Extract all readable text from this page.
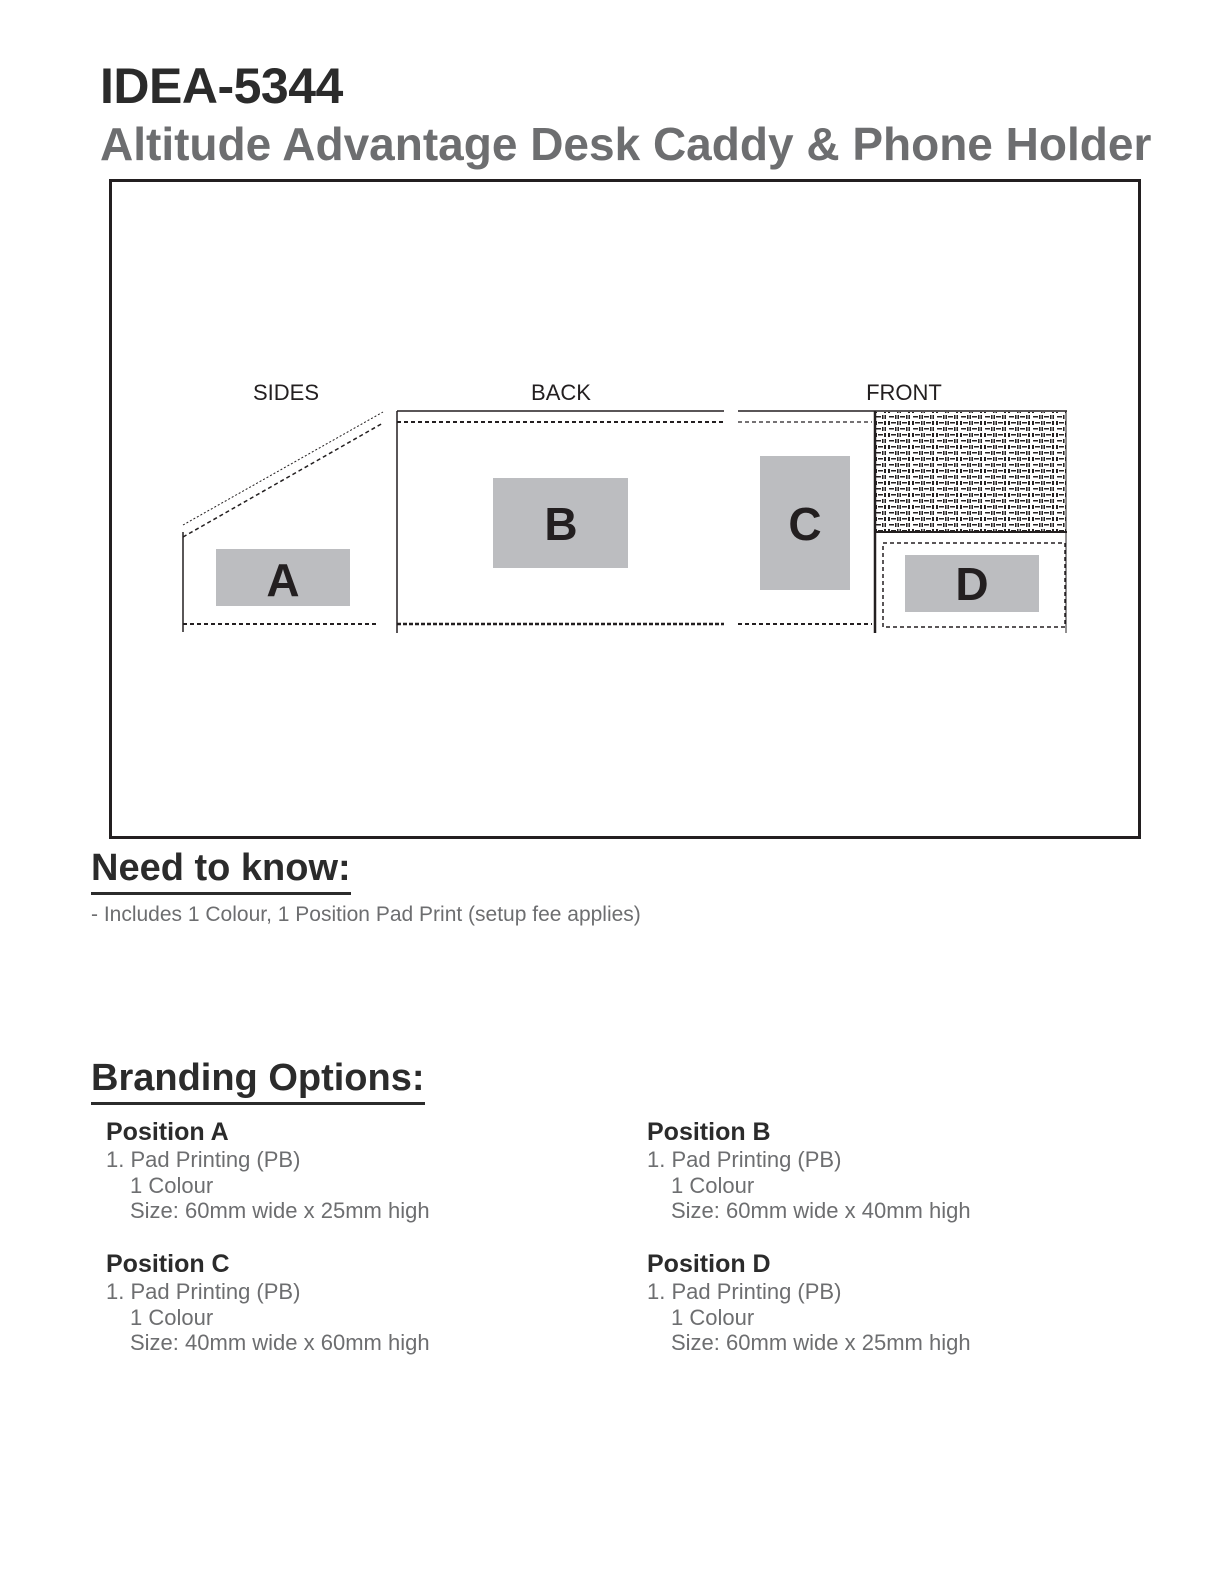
IDEA-5344
Altitude Advantage Desk Caddy & Phone Holder
SIDES	BACK	FRONT
A
B	C
D
Need to know:

- Includes 1 Colour, 1 Position Pad Print (setup fee applies)

Branding Options:
Position A

1. Pad Printing (PB)

1 Colour

Size: 60mm wide x 25mm high

Position B

1. Pad Printing (PB)

1 Colour

Size: 60mm wide x 40mm high

Position C

1. Pad Printing (PB)

1 Colour

Size: 40mm wide x 60mm high

Position D

1. Pad Printing (PB)

1 Colour

Size: 60mm wide x 25mm high
